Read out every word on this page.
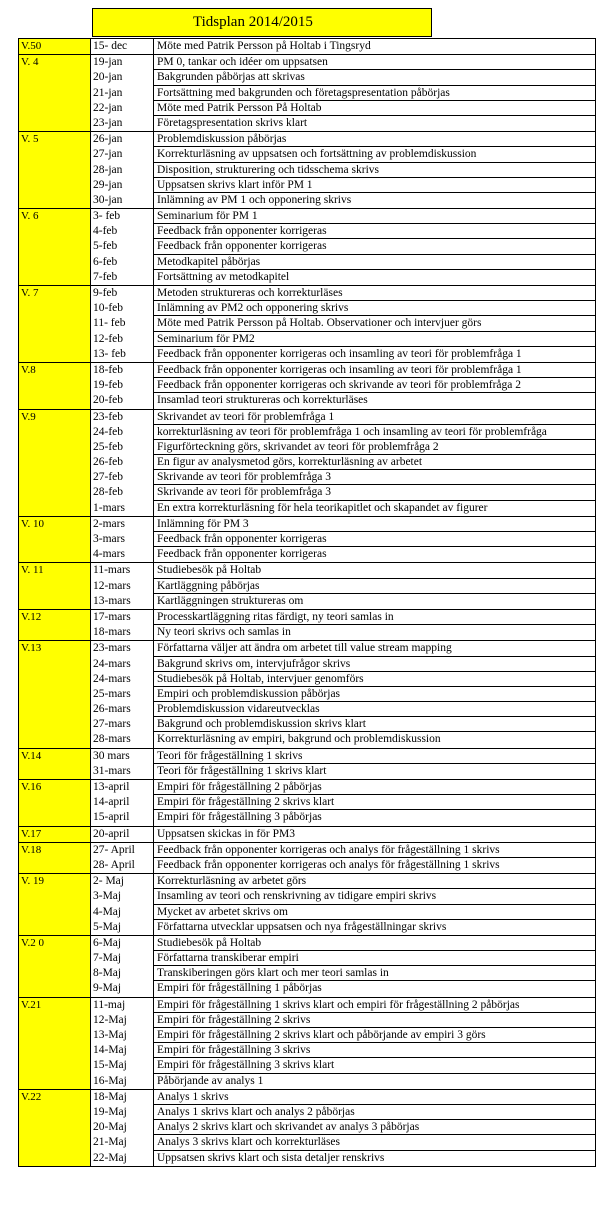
Tidsplan 2014/2015
V.50	15- dec	Möte med Patrik Persson på Holtab i Tingsryd
V. 4	19-jan	PM 0, tankar och idéer om uppsatsen
20-jan	Bakgrunden påbörjas att skrivas
21-jan	Fortsättning med bakgrunden och företagspresentation påbörjas
22-jan	Möte med Patrik Persson På Holtab
23-jan	Företagspresentation skrivs klart
V. 5	26-jan	Problemdiskussion påbörjas
27-jan	Korrekturläsning av uppsatsen och fortsättning av problemdiskussion
28-jan	Disposition, strukturering och tidsschema skrivs
29-jan	Uppsatsen skrivs klart inför PM 1
30-jan	Inlämning av PM 1 och opponering skrivs
V. 6	3- feb	Seminarium för PM 1
4-feb	Feedback från opponenter korrigeras
5-feb	Feedback från opponenter korrigeras
6-feb	Metodkapitel påbörjas
7-feb	Fortsättning av metodkapitel
V. 7	9-feb	Metoden struktureras och korrekturläses
10-feb	Inlämning av PM2 och opponering skrivs
11- feb	Möte med Patrik Persson på Holtab. Observationer och intervjuer görs
12-feb	Seminarium för PM2
13- feb	Feedback från opponenter korrigeras och insamling av teori för problemfråga 1
V.8	18-feb	Feedback från opponenter korrigeras och insamling av teori för problemfråga 1
19-feb	Feedback från opponenter korrigeras och skrivande av teori för problemfråga 2
20-feb	Insamlad teori struktureras och korrekturläses
V.9	23-feb	Skrivandet av teori för problemfråga 1
24-feb	korrekturläsning av teori för problemfråga 1 och insamling av teori för problemfråga
25-feb	Figurförteckning görs, skrivandet av teori för problemfråga 2
26-feb	En figur av analysmetod görs, korrekturläsning av arbetet
27-feb	Skrivande av teori för problemfråga 3
28-feb	Skrivande av teori för problemfråga 3
1-mars	En extra korrekturläsning för hela teorikapitlet och skapandet av figurer
V. 10	2-mars	Inlämning för PM 3
3-mars	Feedback från opponenter korrigeras
4-mars	Feedback från opponenter korrigeras
V. 11	11-mars	Studiebesök på Holtab
12-mars	Kartläggning påbörjas
13-mars	Kartläggningen struktureras om
V.12	17-mars	Processkartläggning ritas färdigt, ny teori samlas in
18-mars	Ny teori skrivs och samlas in
V.13	23-mars	Författarna väljer att ändra om arbetet till value stream mapping
24-mars	Bakgrund skrivs om, intervjufrågor skrivs
24-mars	Studiebesök på Holtab, intervjuer genomförs
25-mars	Empiri och problemdiskussion påbörjas
26-mars	Problemdiskussion vidareutvecklas
27-mars	Bakgrund och problemdiskussion skrivs klart
28-mars	Korrekturläsning av empiri, bakgrund och problemdiskussion
V.14	30 mars	Teori för frågeställning 1 skrivs
31-mars	Teori för frågeställning 1 skrivs klart
V.16	13-april	Empiri för frågeställning 2 påbörjas
14-april	Empiri för frågeställning 2 skrivs klart
15-april	Empiri för frågeställning 3 påbörjas
V.17	20-april	Uppsatsen skickas in för PM3
V.18	27- April	Feedback från opponenter korrigeras och analys för frågeställning 1 skrivs
28- April	Feedback från opponenter korrigeras och analys för frågeställning 1 skrivs
V. 19	2- Maj	Korrekturläsning av arbetet görs
3-Maj	Insamling av teori och renskrivning av tidigare empiri skrivs
4-Maj	Mycket av arbetet skrivs om
5-Maj	Författarna utvecklar uppsatsen och nya frågeställningar skrivs
V.2 0	6-Maj	Studiebesök på Holtab
7-Maj	Författarna transkiberar empiri
8-Maj	Transkiberingen görs klart och mer teori samlas in
9-Maj	Empiri för frågeställning 1 påbörjas
V.21	11-maj	Empiri för frågeställning 1 skrivs klart och empiri för frågeställning 2 påbörjas
12-Maj	Empiri för frågeställning 2 skrivs
13-Maj	Empiri för frågeställning 2 skrivs klart och påbörjande av empiri 3 görs
14-Maj	Empiri för frågeställning 3 skrivs
15-Maj	Empiri för frågeställning 3 skrivs klart
16-Maj	Påbörjande av analys 1
V.22	18-Maj	Analys 1 skrivs
19-Maj	Analys 1 skrivs klart och analys 2 påbörjas
20-Maj	Analys 2 skrivs klart och skrivandet av analys 3 påbörjas
21-Maj	Analys 3 skrivs klart och korrekturläses
22-Maj	Uppsatsen skrivs klart och sista detaljer renskrivs
